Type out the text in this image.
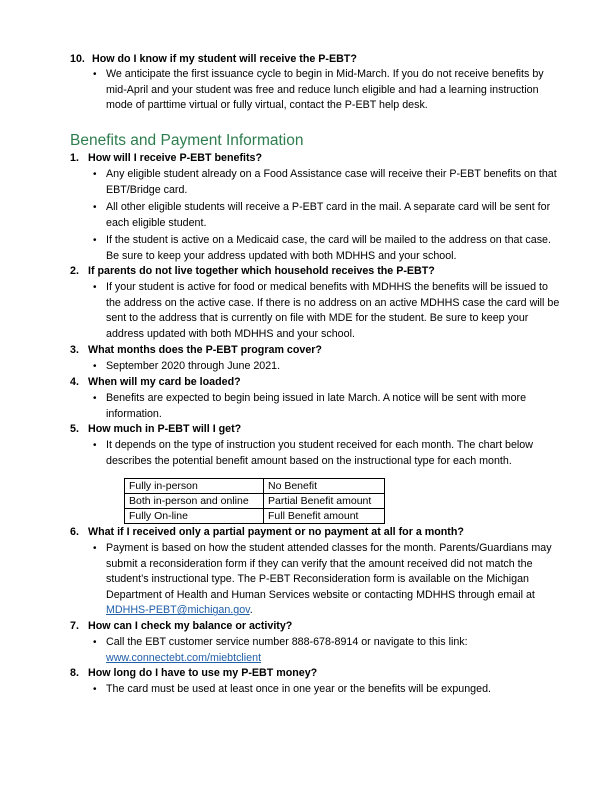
10. How do I know if my student will receive the P-EBT?
• We anticipate the first issuance cycle to begin in Mid-March. If you do not receive benefits by mid-April and your student was free and reduce lunch eligible and had a learning instruction mode of parttime virtual or fully virtual, contact the P-EBT help desk.
Benefits and Payment Information
1. How will I receive P-EBT benefits?
• Any eligible student already on a Food Assistance case will receive their P-EBT benefits on that EBT/Bridge card.
• All other eligible students will receive a P-EBT card in the mail. A separate card will be sent for each eligible student.
• If the student is active on a Medicaid case, the card will be mailed to the address on that case. Be sure to keep your address updated with both MDHHS and your school.
2. If parents do not live together which household receives the P-EBT?
• If your student is active for food or medical benefits with MDHHS the benefits will be issued to the address on the active case. If there is no address on an active MDHHS case the card will be sent to the address that is currently on file with MDE for the student. Be sure to keep your address updated with both MDHHS and your school.
3. What months does the P-EBT program cover?
• September 2020 through June 2021.
4. When will my card be loaded?
• Benefits are expected to begin being issued in late March. A notice will be sent with more information.
5. How much in P-EBT will I get?
• It depends on the type of instruction you student received for each month. The chart below describes the potential benefit amount based on the instructional type for each month.
Fully in-person	No Benefit
Both in-person and online	Partial Benefit amount
Fully On-line	Full Benefit amount
6. What if I received only a partial payment or no payment at all for a month?
• Payment is based on how the student attended classes for the month. Parents/Guardians may submit a reconsideration form if they can verify that the amount received did not match the student’s instructional type. The P-EBT Reconsideration form is available on the Michigan Department of Health and Human Services website or contacting MDHHS through email at MDHHS-PEBT@michigan.gov.
7. How can I check my balance or activity?
• Call the EBT customer service number 888-678-8914 or navigate to this link:
www.connectebt.com/miebtclient
8. How long do I have to use my P-EBT money?
• The card must be used at least once in one year or the benefits will be expunged.
